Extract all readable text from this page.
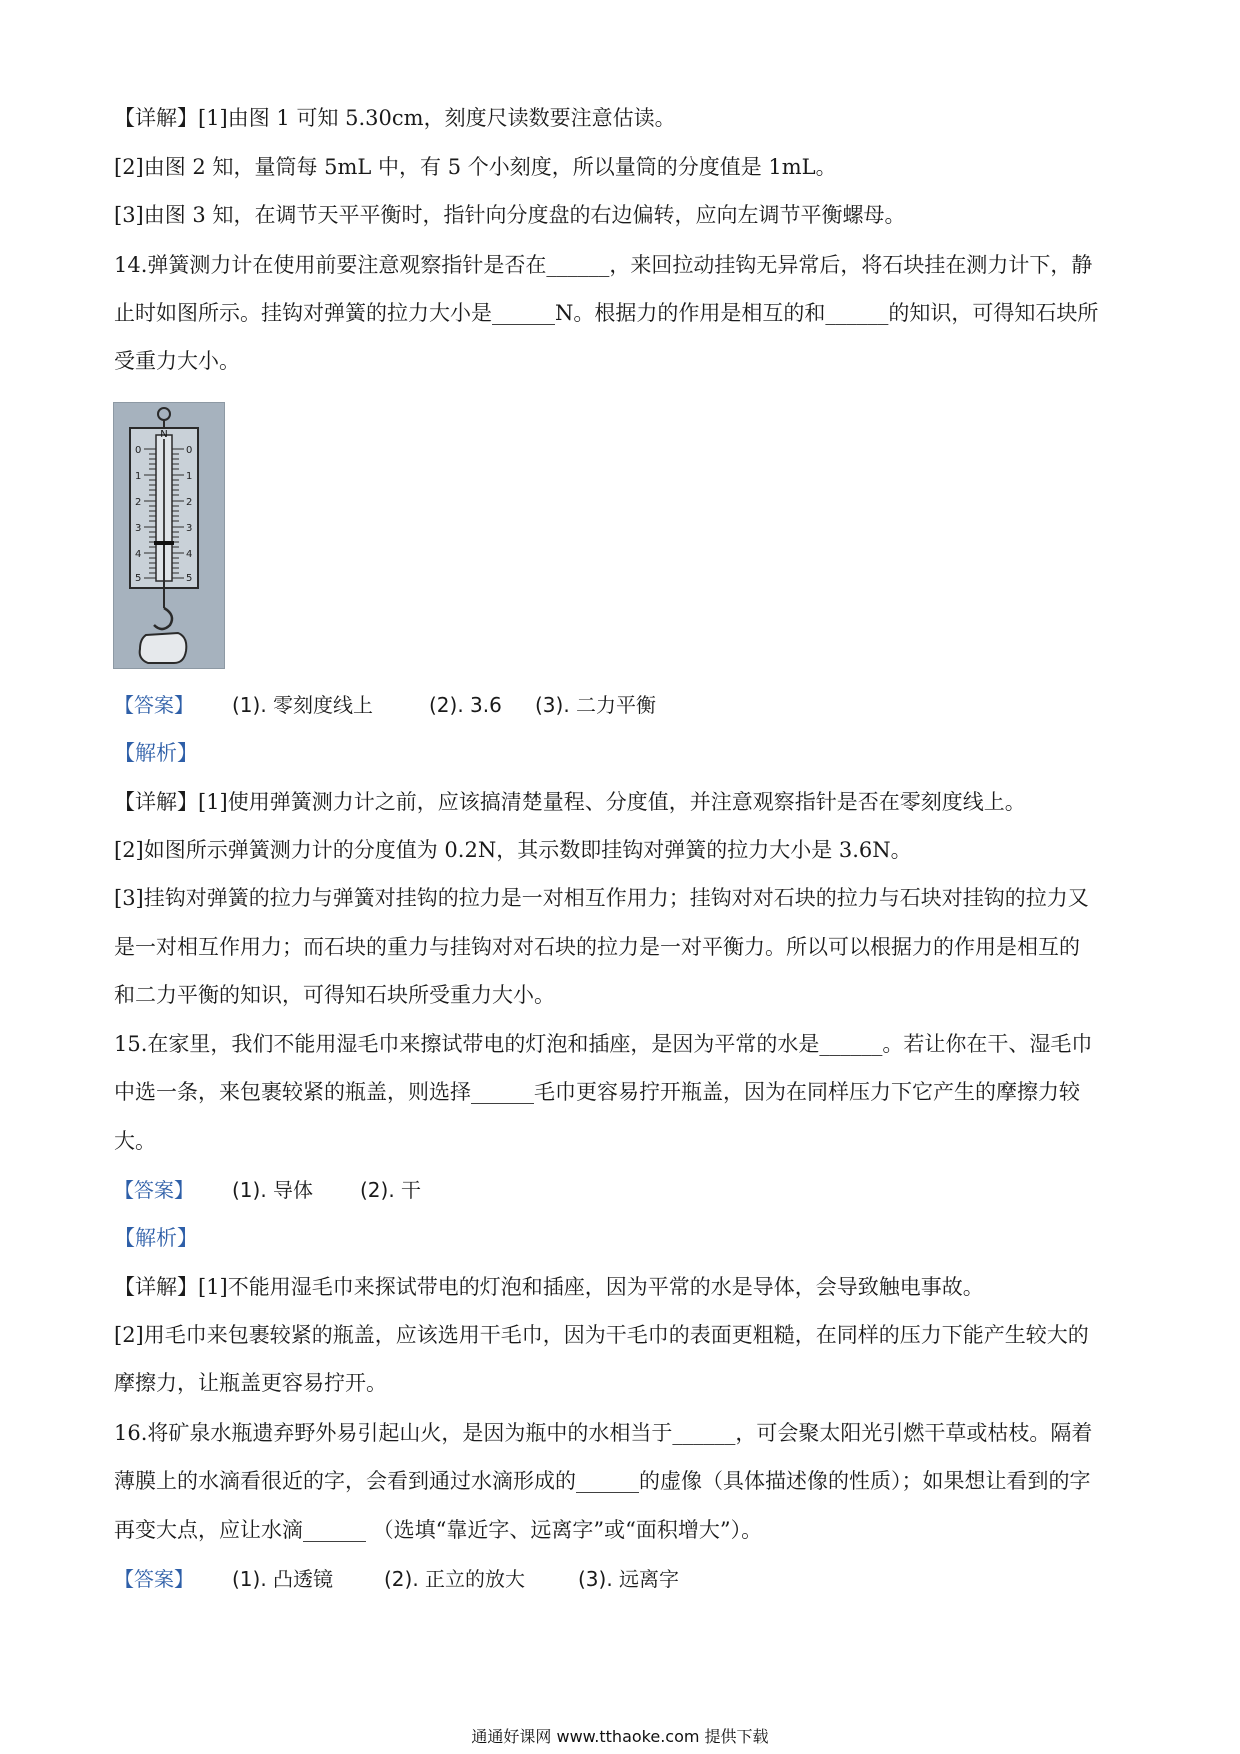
【详解】[1]由图 1 可知 5.30cm，刻度尺读数要注意估读。
[2]由图 2 知，量筒每 5mL 中，有 5 个小刻度，所以量筒的分度值是 1mL。
[3]由图 3 知，在调节天平平衡时，指针向分度盘的右边偏转，应向左调节平衡螺母。
14.弹簧测力计在使用前要注意观察指针是否在______，来回拉动挂钩无异常后，将石块挂在测力计下，静
止时如图所示。挂钩对弹簧的拉力大小是______N。根据力的作用是相互的和______的知识，可得知石块所
受重力大小。
N
0
1
2
3
4
5
0
1
2
3
4
5
【答案】 (1). 零刻度线上	(2). 3.6 (3). 二力平衡
【解析】
【详解】[1]使用弹簧测力计之前，应该搞清楚量程、分度值，并注意观察指针是否在零刻度线上。
[2]如图所示弹簧测力计的分度值为 0.2N，其示数即挂钩对弹簧的拉力大小是 3.6N。
[3]挂钩对弹簧的拉力与弹簧对挂钩的拉力是一对相互作用力；挂钩对对石块的拉力与石块对挂钩的拉力又
是一对相互作用力；而石块的重力与挂钩对对石块的拉力是一对平衡力。所以可以根据力的作用是相互的
和二力平衡的知识，可得知石块所受重力大小。
15.在家里，我们不能用湿毛巾来擦试带电的灯泡和插座，是因为平常的水是______。若让你在干、湿毛巾
中选一条，来包裹较紧的瓶盖，则选择______毛巾更容易拧开瓶盖，因为在同样压力下它产生的摩擦力较
大。
【答案】 (1). 导体 (2). 干
【解析】
【详解】[1]不能用湿毛巾来探试带电的灯泡和插座，因为平常的水是导体，会导致触电事故。
[2]用毛巾来包裹较紧的瓶盖，应该选用干毛巾，因为干毛巾的表面更粗糙，在同样的压力下能产生较大的
摩擦力，让瓶盖更容易拧开。
16.将矿泉水瓶遗弃野外易引起山火，是因为瓶中的水相当于______，可会聚太阳光引燃干草或枯枝。隔着
薄膜上的水滴看很近的字，会看到通过水滴形成的______的虚像（具体描述像的性质）；如果想让看到的字
再变大点，应让水滴______ （选填“靠近字、远离字”或“面积增大”）。
【答案】 (1). 凸透镜	(2). 正立的放大	(3). 远离字
通通好课网 www.tthaoke.com 提供下载
